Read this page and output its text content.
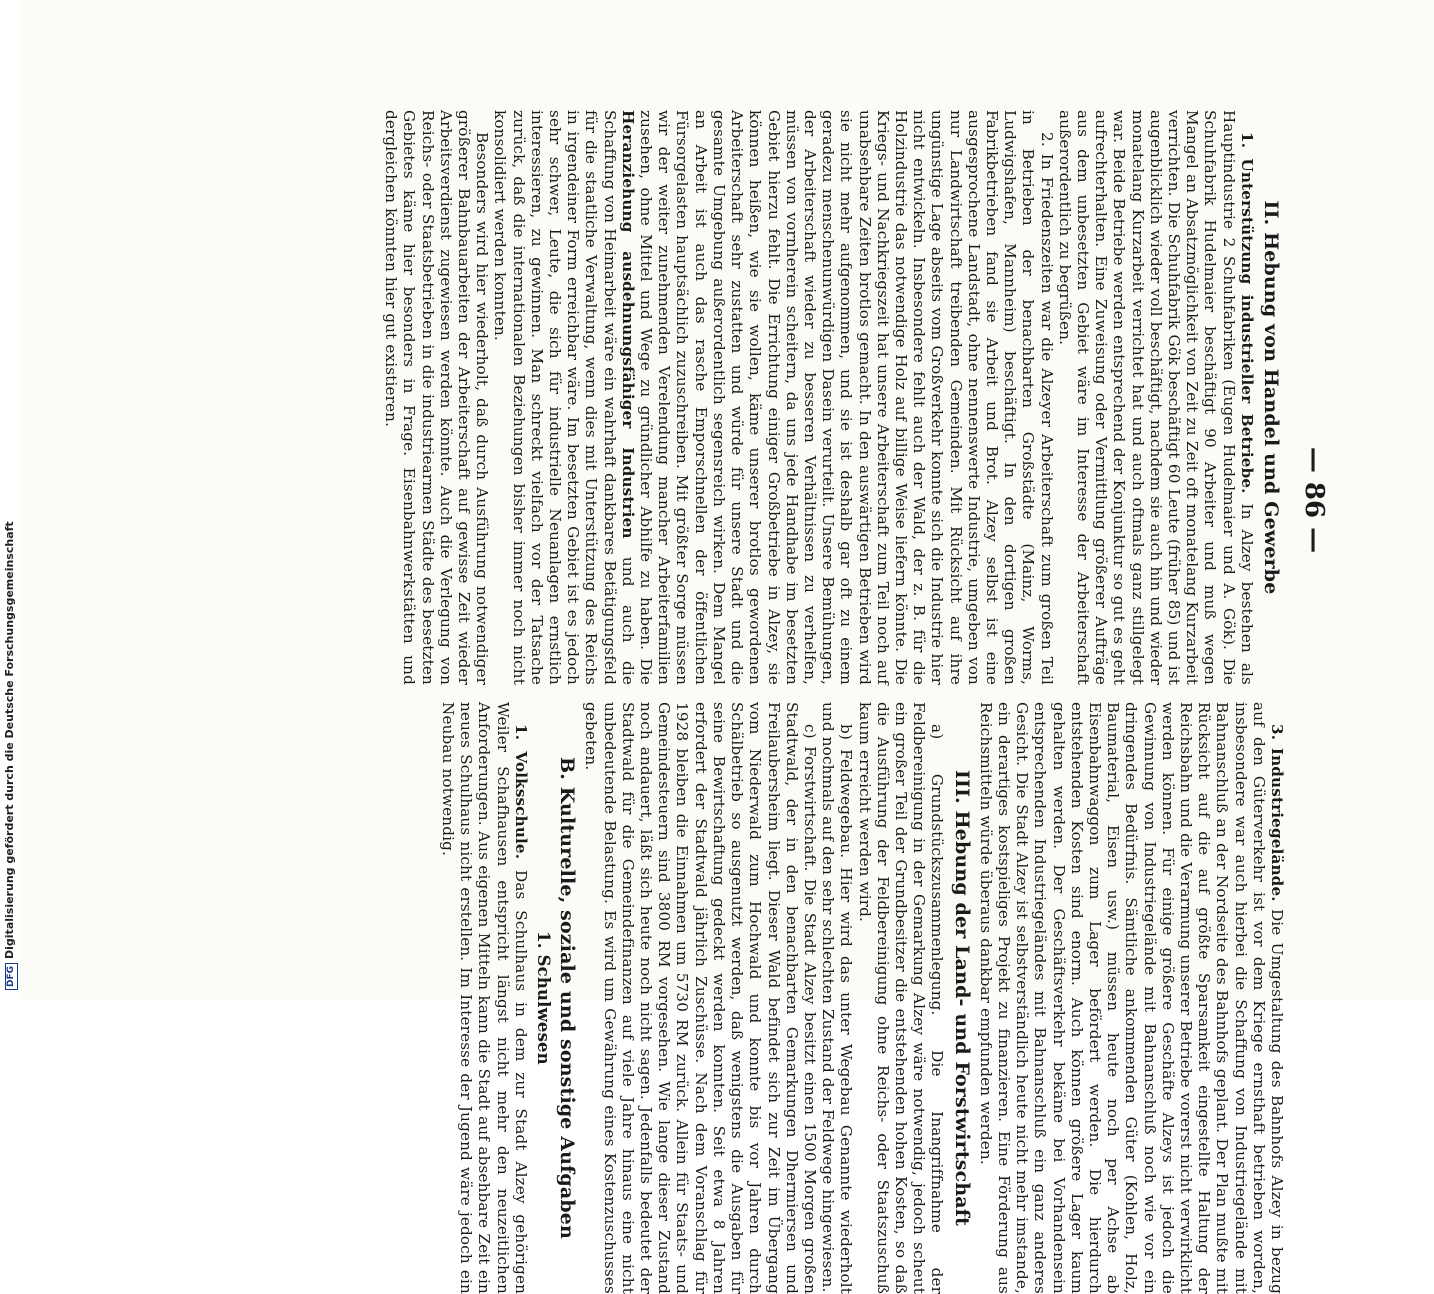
— 86 —
II. Hebung von Handel und Gewerbe

1. Unterstützung industrieller Betriebe. In Alzey bestehen als Hauptindustrie 2 Schuhfabriken (Eugen Hudelmaier und A. Gök). Die Schuhfabrik Hudelmaier beschäftigt 90 Arbeiter und muß wegen Mangel an Absatzmöglichkeit von Zeit zu Zeit oft monatelang Kurzarbeit verrichten. Die Schuhfabrik Gök beschäftigt 60 Leute (früher 85) und ist augenblicklich wieder voll beschäftigt, nachdem sie auch hin und wieder monatelang Kurzarbeit verrichtet hat und auch oftmals ganz stillgelegt war. Beide Betriebe werden entsprechend der Konjunktur so gut es geht aufrechterhalten. Eine Zuweisung oder Vermittlung größerer Aufträge aus dem unbesetzten Gebiet wäre im Interesse der Arbeiterschaft außerordentlich zu begrüßen.

2. In Friedenszeiten war die Alzeyer Arbeiterschaft zum großen Teil in Betrieben der benachbarten Großstädte (Mainz, Worms, Ludwigshafen, Mannheim) beschäftigt. In den dortigen großen Fabrikbetrieben fand sie Arbeit und Brot. Alzey selbst ist eine ausgesprochene Landstadt, ohne nennenswerte Industrie, umgeben von nur Landwirtschaft treibenden Gemeinden. Mit Rücksicht auf ihre ungünstige Lage abseits vom Großverkehr konnte sich die Industrie hier nicht entwickeln. Insbesondere fehlt auch der Wald, der z. B. für die Holzindustrie das notwendige Holz auf billige Weise liefern könnte. Die Kriegs- und Nachkriegszeit hat unsere Arbeiterschaft zum Teil noch auf unabsehbare Zeiten brotlos gemacht. In den auswärtigen Betrieben wird sie nicht mehr aufgenommen, und sie ist deshalb gar oft zu einem geradezu menschenunwürdigen Dasein verurteilt. Unsere Bemühungen, der Arbeiterschaft wieder zu besseren Verhältnissen zu verhelfen, müssen von vornherein scheitern, da uns jede Handhabe im besetzten Gebiet hierzu fehlt. Die Errichtung einiger Großbetriebe in Alzey, sie können heißen, wie sie wollen, käme unserer brotlos gewordenen Arbeiterschaft sehr zustatten und würde für unsere Stadt und die gesamte Umgebung außerordentlich segensreich wirken. Dem Mangel an Arbeit ist auch das rasche Emporschnellen der öffentlichen Fürsorgelasten hauptsächlich zuzuschreiben. Mit größter Sorge müssen wir der weiter zunehmenden Verelendung mancher Arbeiterfamilien zusehen, ohne Mittel und Wege zu gründlicher Abhilfe zu haben. Die Heranziehung ausdehnungsfähiger Industrien und auch die Schaffung von Heimarbeit wäre ein wahrhaft dankbares Betätigungsfeld für die staatliche Verwaltung, wenn dies mit Unterstützung des Reichs in irgendeiner Form erreichbar wäre. Im besetzten Gebiet ist es jedoch sehr schwer, Leute, die sich für industrielle Neuanlagen ernstlich interessieren, zu gewinnen. Man schreckt vielfach vor der Tatsache zurück, daß die internationalen Beziehungen bisher immer noch nicht konsolidiert werden konnten.

Besonders wird hier wiederholt, daß durch Ausführung notwendiger größerer Bahnbauarbeiten der Arbeiterschaft auf gewisse Zeit wieder Arbeitsverdienst zugewiesen werden könnte. Auch die Verlegung von Reichs- oder Staatsbetrieben in die industriearmen Städte des besetzten Gebietes käme hier besonders in Frage. Eisenbahnwerkstätten und dergleichen könnten hier gut existieren.

3. Industriegelände. Die Umgestaltung des Bahnhofs Alzey in bezug auf den Güterverkehr ist vor dem Kriege ernsthaft betrieben worden, insbesondere war auch hierbei die Schaffung von Industriegelände mit Bahnanschluß an der Nordseite des Bahnhofs geplant. Der Plan mußte mit Rücksicht auf die auf größte Sparsamkeit eingestellte Haltung der Reichsbahn und die Verarmung unserer Betriebe vorerst nicht verwirklicht werden können. Für einige größere Geschäfte Alzeys ist jedoch die Gewinnung von Industriegelände mit Bahnanschluß noch wie vor ein dringendes Bedürfnis. Sämtliche ankommenden Güter (Kohlen, Holz, Baumaterial, Eisen usw.) müssen heute noch per Achse ab Eisenbahnwaggon zum Lager befördert werden. Die hierdurch entstehenden Kosten sind enorm. Auch können größere Lager kaum gehalten werden. Der Geschäftsverkehr bekäme bei Vorhandensein entsprechenden Industriegeländes mit Bahnanschluß ein ganz anderes Gesicht. Die Stadt Alzey ist selbstverständlich heute nicht mehr imstande, ein derartiges kostspieliges Projekt zu finanzieren. Eine Förderung aus Reichsmitteln würde überaus dankbar empfunden werden.

III. Hebung der Land- und Forstwirtschaft

a) Grundstückszusammenlegung. Die Inangriffnahme der Feldbereinigung in der Gemarkung Alzey wäre notwendig, jedoch scheut ein großer Teil der Grundbesitzer die entstehenden hohen Kosten, so daß die Ausführung der Feldbereinigung ohne Reichs- oder Staatszuschuß kaum erreicht werden wird.

b) Feldwegebau. Hier wird das unter Wegebau Genannte wiederholt und nochmals auf den sehr schlechten Zustand der Feldwege hingewiesen.

c) Forstwirtschaft. Die Stadt Alzey besitzt einen 1500 Morgen großen Stadtwald, der in den benachbarten Gemarkungen Dhermiersen und Freilaubersheim liegt. Dieser Wald befindet sich zur Zeit im Übergang vom Niederwald zum Hochwald und konnte bis vor Jahren durch Schälbetrieb so ausgenutzt werden, daß wenigstens die Ausgaben für seine Bewirtschaftung gedeckt werden konnten. Seit etwa 8 Jahren erfordert der Stadtwald jährlich Zuschüsse. Nach dem Voranschlag für 1928 bleiben die Einnahmen um 5730 RM zurück. Allein für Staats- und Gemeindesteuern sind 3800 RM vorgesehen. Wie lange dieser Zustand noch andauert, läßt sich heute noch nicht sagen. Jedenfalls bedeutet der Stadtwald für die Gemeindefinanzen auf viele Jahre hinaus eine nicht unbedeutende Belastung. Es wird um Gewährung eines Kostenzuschusses gebeten.

B. Kulturelle, soziale und sonstige Aufgaben
1. Schulwesen

1. Volksschule. Das Schulhaus in dem zur Stadt Alzey gehörigen Weiler Schafhausen entspricht längst nicht mehr den neuzeitlichen Anforderungen. Aus eigenen Mitteln kann die Stadt auf absehbare Zeit ein neues Schulhaus nicht erstellen. Im Interesse der Jugend wäre jedoch ein Neubau notwendig.

DFGDigitalisierung gefördert durch die Deutsche Forschungsgemeinschaft
